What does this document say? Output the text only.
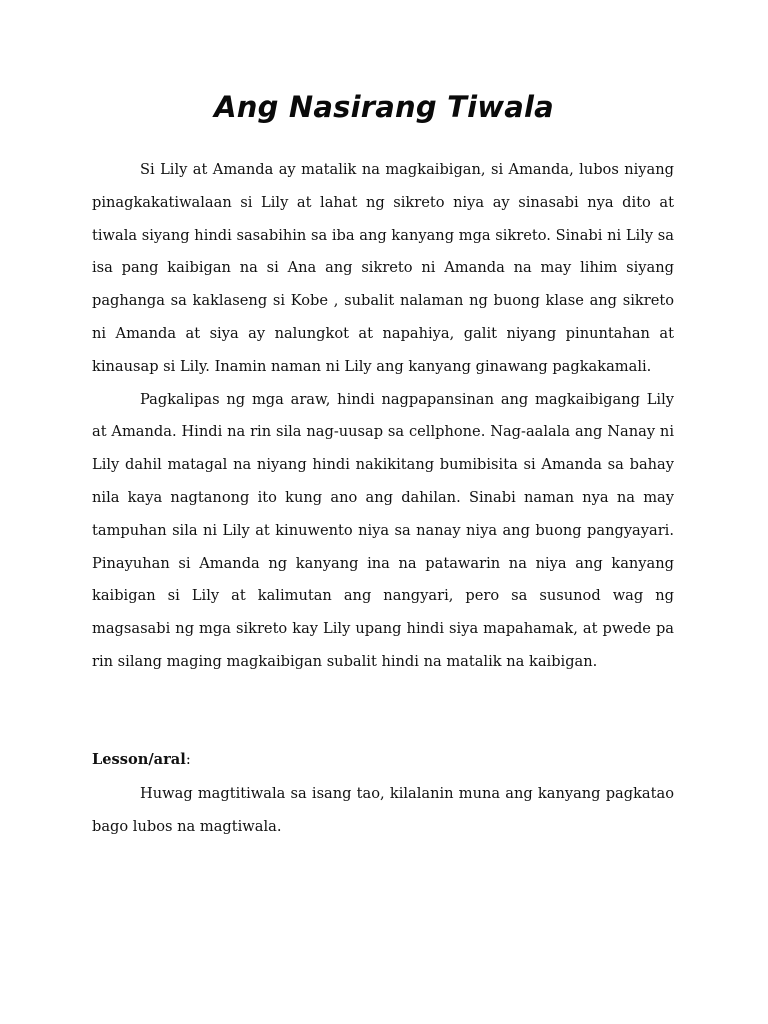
Ang Nasirang Tiwala

Si Lily at Amanda ay matalik na magkaibigan, si Amanda, lubos niyang pinagkakatiwalaan si Lily at lahat ng sikreto niya ay sinasabi nya dito at tiwala siyang hindi sasabihin sa iba ang kanyang mga sikreto. Sinabi ni Lily sa isa pang kaibigan na si Ana ang sikreto ni Amanda na may lihim siyang paghanga sa kaklaseng si Kobe , subalit nalaman ng buong klase ang sikreto ni Amanda at siya ay nalungkot at napahiya, galit niyang pinuntahan at kinausap si Lily. Inamin naman ni Lily ang kanyang ginawang pagkakamali.

Pagkalipas ng mga araw, hindi nagpapansinan ang magkaibigang Lily at Amanda. Hindi na rin sila nag-uusap sa cellphone. Nag-aalala ang Nanay ni Lily dahil matagal na niyang hindi nakikitang bumibisita si Amanda sa bahay nila kaya nagtanong ito kung ano ang dahilan. Sinabi naman nya na may tampuhan sila ni Lily at kinuwento niya sa nanay niya ang buong pangyayari. Pinayuhan si Amanda ng kanyang ina na patawarin na niya ang kanyang kaibigan si Lily at kalimutan ang nangyari, pero sa susunod wag ng magsasabi ng mga sikreto kay Lily upang hindi siya mapahamak, at pwede pa rin silang maging magkaibigan subalit hindi na matalik na kaibigan.

Lesson/aral:

Huwag magtitiwala sa isang tao, kilalanin muna ang kanyang pagkatao bago lubos na magtiwala.
